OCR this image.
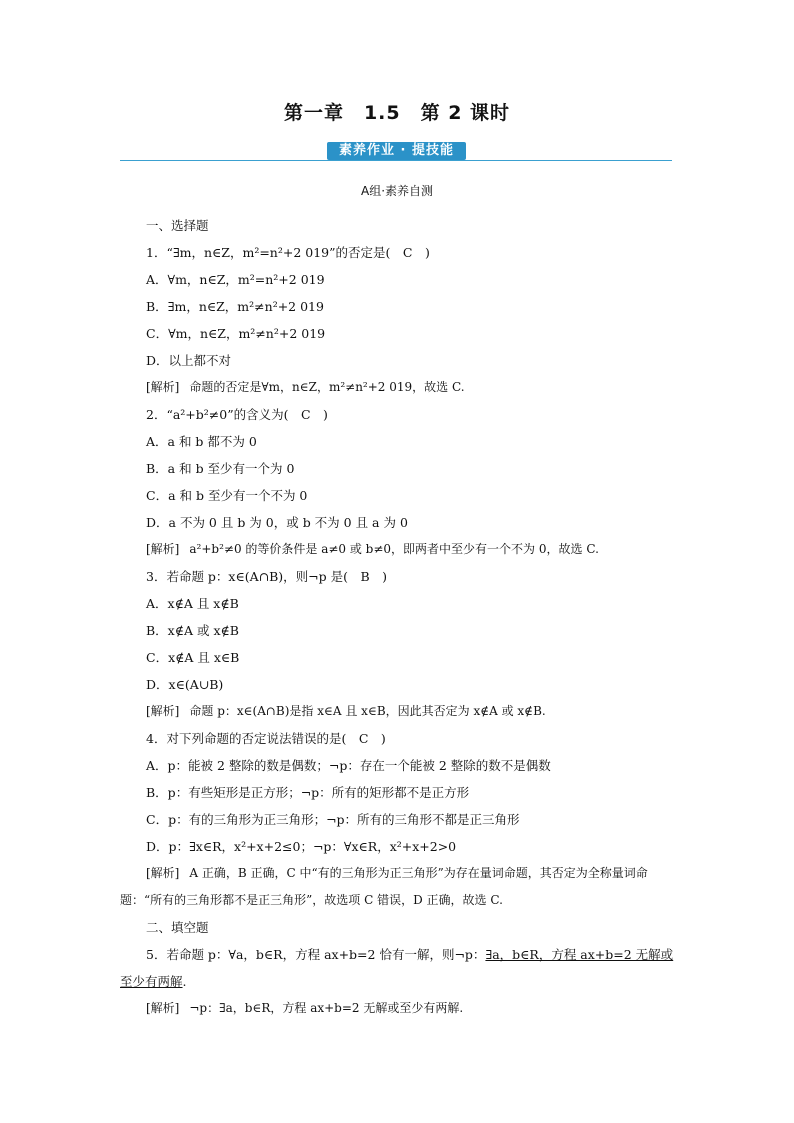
第一章　1.5　第 2 课时
素养作业 · 提技能
A组·素养自测
一、选择题
1．“∃m，n∈Z，m²=n²+2 019”的否定是(　C　)
A．∀m，n∈Z，m²=n²+2 019
B．∃m，n∈Z，m²≠n²+2 019
C．∀m，n∈Z，m²≠n²+2 019
D．以上都不对
[解析] 命题的否定是∀m，n∈Z，m²≠n²+2 019，故选 C.
2．“a²+b²≠0”的含义为(　C　)
A．a 和 b 都不为 0
B．a 和 b 至少有一个为 0
C．a 和 b 至少有一个不为 0
D．a 不为 0 且 b 为 0，或 b 不为 0 且 a 为 0
[解析] a²+b²≠0 的等价条件是 a≠0 或 b≠0，即两者中至少有一个不为 0，故选 C.
3．若命题 p：x∈(A∩B)，则¬p 是(　B　)
A．x∉A 且 x∉B
B．x∉A 或 x∉B
C．x∉A 且 x∈B
D．x∈(A∪B)
[解析] 命题 p：x∈(A∩B)是指 x∈A 且 x∈B，因此其否定为 x∉A 或 x∉B.
4．对下列命题的否定说法错误的是(　C　)
A．p：能被 2 整除的数是偶数；¬p：存在一个能被 2 整除的数不是偶数
B．p：有些矩形是正方形；¬p：所有的矩形都不是正方形
C．p：有的三角形为正三角形；¬p：所有的三角形不都是正三角形
D．p：∃x∈R，x²+x+2≤0；¬p：∀x∈R，x²+x+2>0
[解析] A 正确，B 正确，C 中“有的三角形为正三角形”为存在量词命题，其否定为全称量词命题：“所有的三角形都不是正三角形”，故选项 C 错误，D 正确，故选 C.
二、填空题
5．若命题 p：∀a，b∈R，方程 ax+b=2 恰有一解，则¬p：∃a，b∈R，方程 ax+b=2 无解或至少有两解.
[解析] ¬p：∃a，b∈R，方程 ax+b=2 无解或至少有两解.
